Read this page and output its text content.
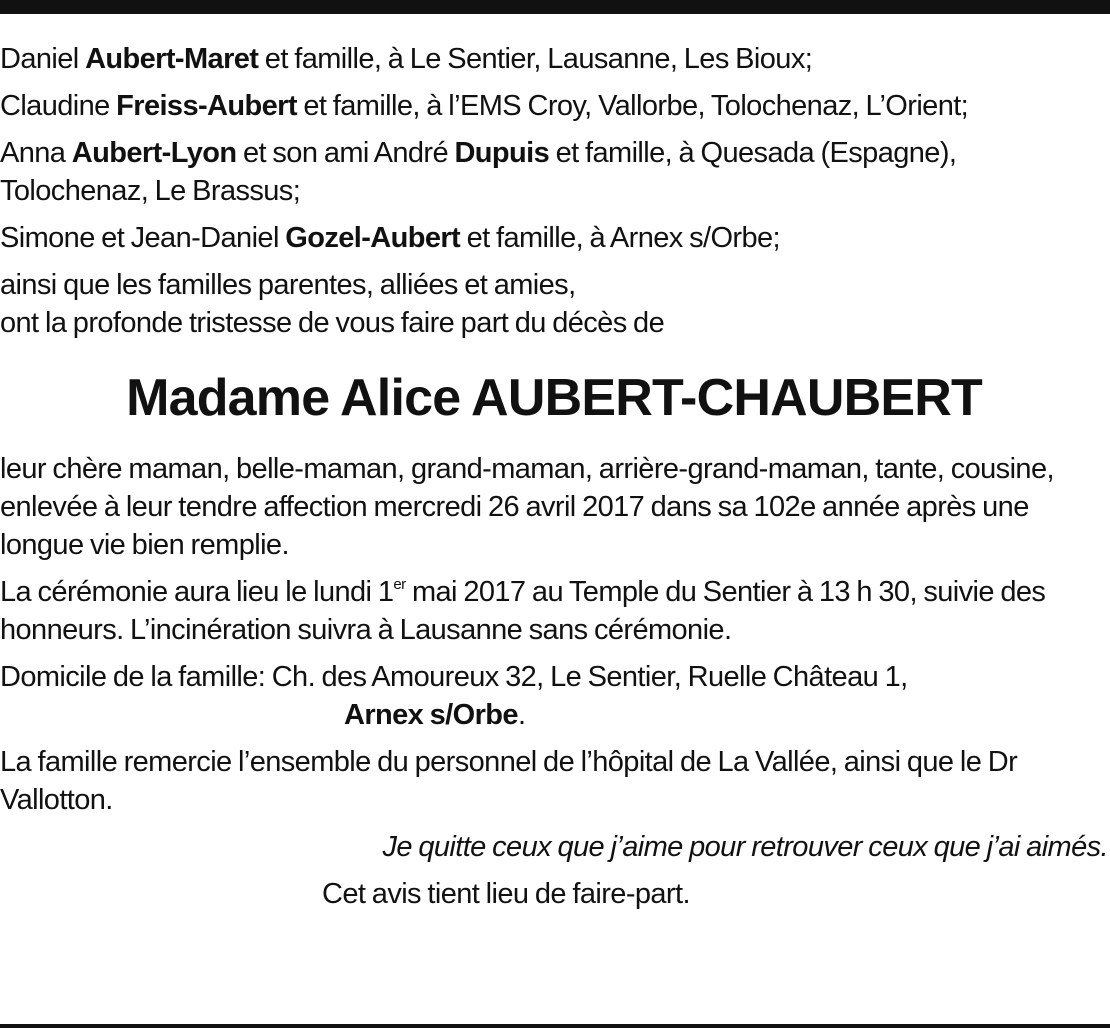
Daniel Aubert-Maret et famille, à Le Sentier, Lausanne, Les Bioux;

Claudine Freiss-Aubert et famille, à l’EMS Croy, Vallorbe, Tolochenaz, L’Orient;

Anna Aubert-Lyon et son ami André Dupuis et famille, à Quesada (Espagne), Tolochenaz, Le Brassus;

Simone et Jean-Daniel Gozel-Aubert et famille, à Arnex s/Orbe;

ainsi que les familles parentes, alliées et amies,

ont la profonde tristesse de vous faire part du décès de

Madame Alice AUBERT-CHAUBERT

leur chère maman, belle-maman, grand-maman, arrière-grand-maman, tante, cousine, enlevée à leur tendre affection mercredi 26 avril 2017 dans sa 102e année après une longue vie bien remplie.

La cérémonie aura lieu le lundi 1er mai 2017 au Temple du Sentier à 13 h 30, suivie des honneurs. L’incinération suivra à Lausanne sans cérémonie.

Domicile de la famille: Ch. des Amoureux 32, Le Sentier, Ruelle Château 1,
Arnex s/Orbe.

La famille remercie l’ensemble du personnel de l’hôpital de La Vallée, ainsi que le Dr Vallotton.

Je quitte ceux que j’aime pour retrouver ceux que j’ai aimés.

Cet avis tient lieu de faire-part.
